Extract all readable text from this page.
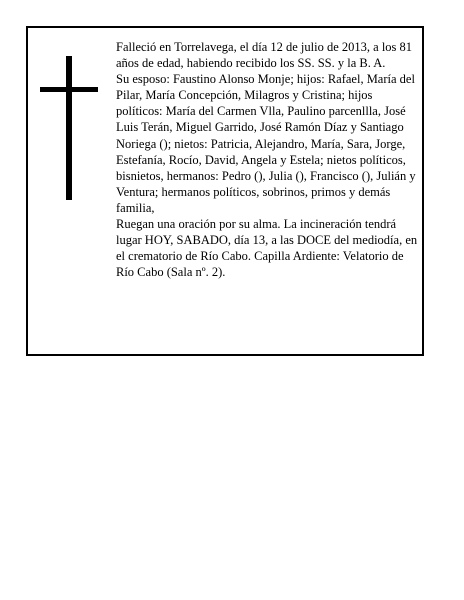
Falleció en Torrelavega, el día 12 de julio de 2013, a los 81 años de edad, habiendo recibido los SS. SS. y la B. A.

Su esposo: Faustino Alonso Monje; hijos: Rafael, María del Pilar, María Concepción, Milagros y Cristina; hijos políticos: María del Carmen Vlla, Paulino parcenllla, José Luis Terán, Miguel Garrido, José Ramón Díaz y Santiago Noriega (); nietos: Patricia, Alejandro, María, Sara, Jorge, Estefanía, Rocío, David, Angela y Estela; nietos políticos, bisnietos, hermanos: Pedro (), Julia (), Francisco (), Julián y Ventura; hermanos políticos, sobrinos, primos y demás familia,

Ruegan una oración por su alma. La incineración tendrá lugar HOY, SABADO, día 13, a las DOCE del mediodía, en el crematorio de Río Cabo. Capilla Ardiente: Velatorio de Río Cabo (Sala nº. 2).
